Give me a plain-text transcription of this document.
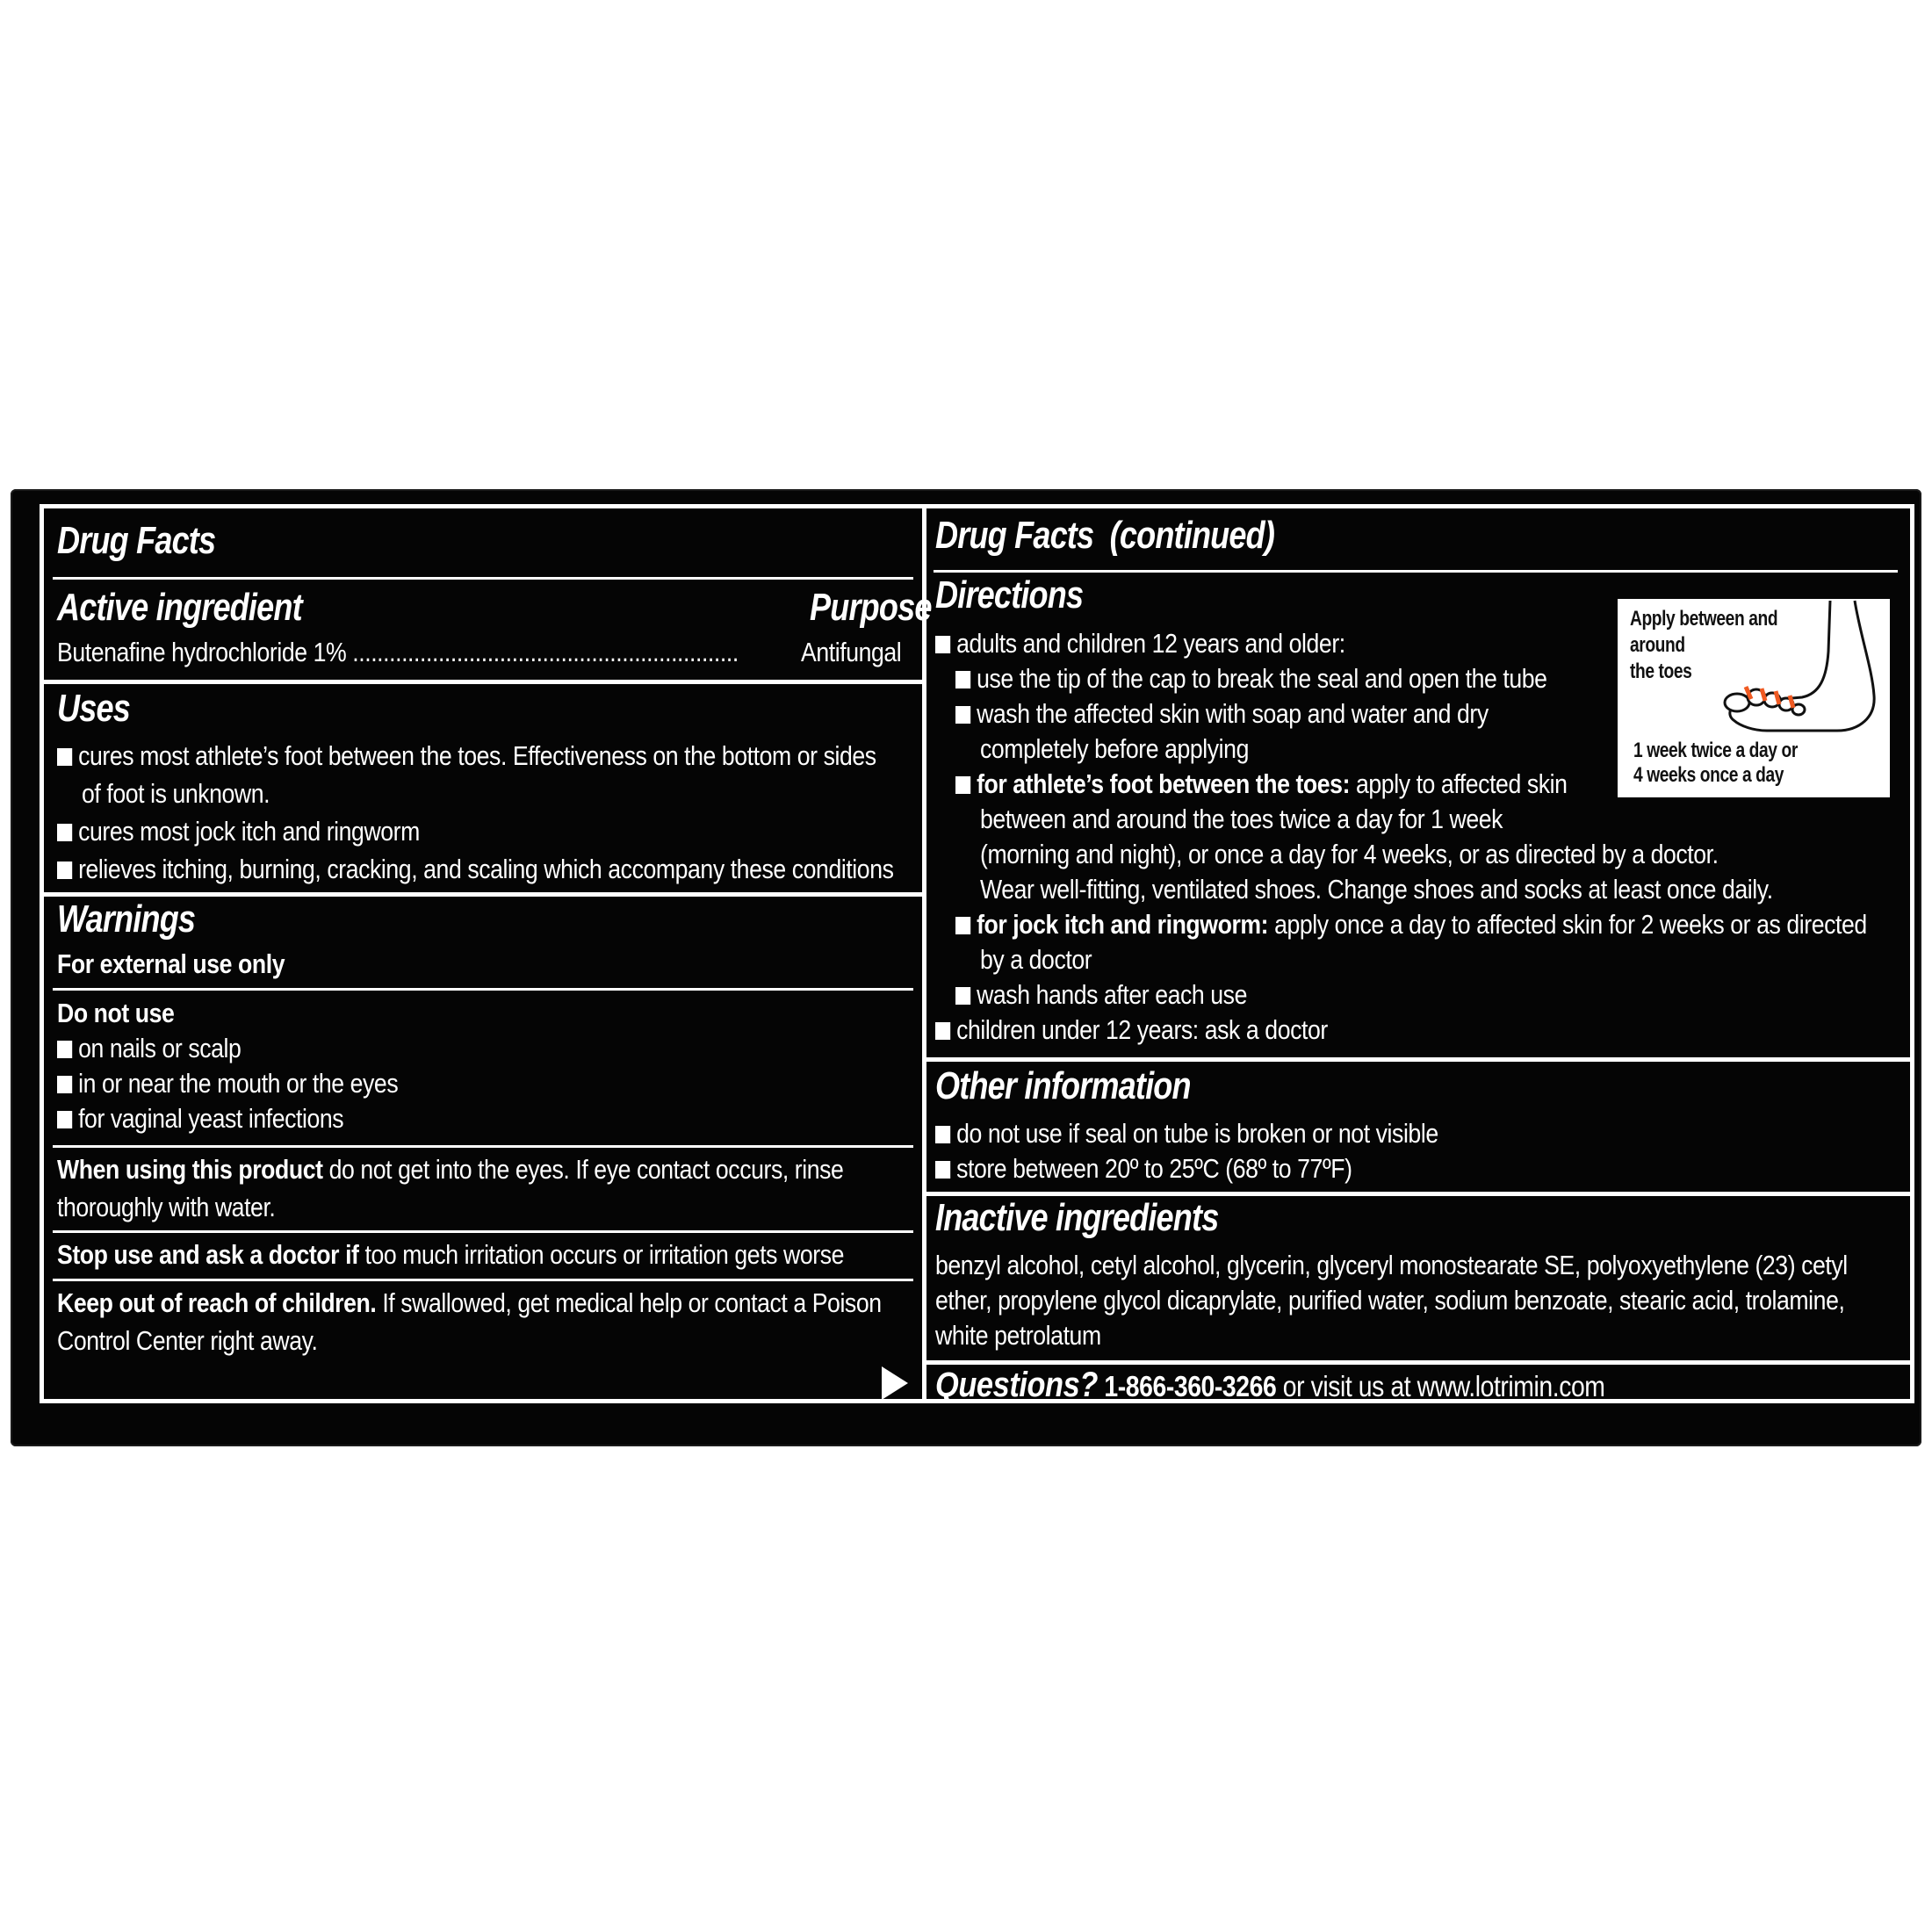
Drug Facts
Active ingredient	Purpose
Butenafine hydrochloride 1% ............................................................... Antifungal
Uses
cures most athlete’s foot between the toes. Effectiveness on the bottom or sides
of foot is unknown.
cures most jock itch and ringworm
relieves itching, burning, cracking, and scaling which accompany these conditions
Warnings
For external use only
Do not use
on nails or scalp
in or near the mouth or the eyes
for vaginal yeast infections
When using this product do not get into the eyes. If eye contact occurs, rinse
thoroughly with water.
Stop use and ask a doctor if too much irritation occurs or irritation gets worse
Keep out of reach of children. If swallowed, get medical help or contact a Poison
Control Center right away.
Drug Facts (continued)
Directions
adults and children 12 years and older:
use the tip of the cap to break the seal and open the tube
wash the affected skin with soap and water and dry
completely before applying
for athlete’s foot between the toes: apply to affected skin
between and around the toes twice a day for 1 week
(morning and night), or once a day for 4 weeks, or as directed by a doctor.
Wear well-fitting, ventilated shoes. Change shoes and socks at least once daily.
for jock itch and ringworm: apply once a day to affected skin for 2 weeks or as directed
by a doctor
wash hands after each use
children under 12 years: ask a doctor
Other information
do not use if seal on tube is broken or not visible
store between 20º to 25ºC (68º to 77ºF)
Inactive ingredients
benzyl alcohol, cetyl alcohol, glycerin, glyceryl monostearate SE, polyoxyethylene (23) cetyl
ether, propylene glycol dicaprylate, purified water, sodium benzoate, stearic acid, trolamine,
white petrolatum
Questions? 1-866-360-3266 or visit us at www.lotrimin.com
Apply between and
around
the toes
1 week twice a day or
4 weeks once a day
